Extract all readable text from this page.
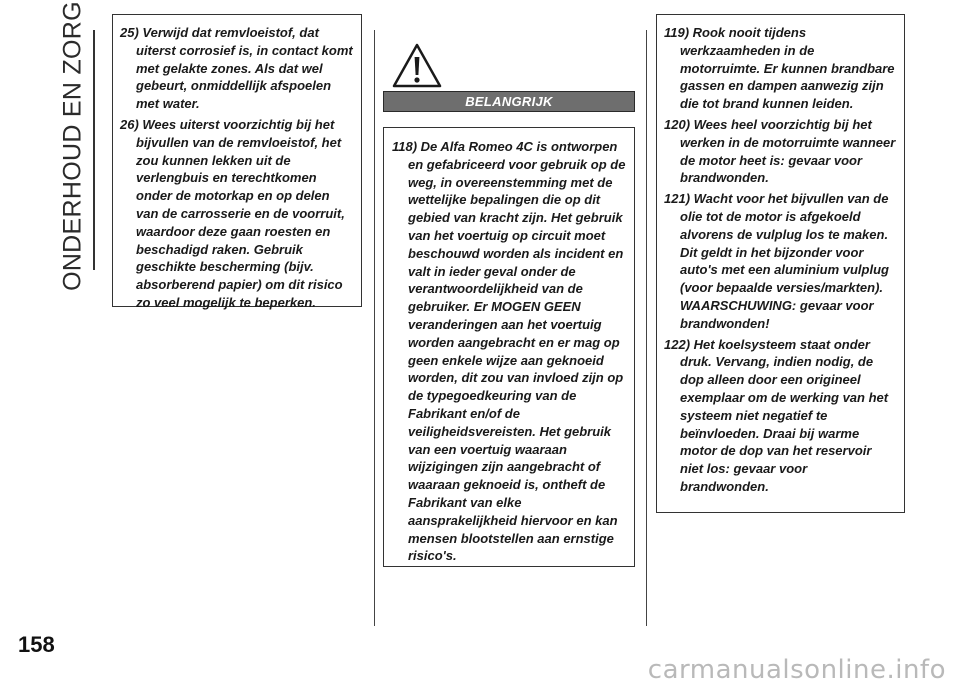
ONDERHOUD EN ZORG	25) Verwijd dat remvloeistof, dat uiterst corrosief is, in contact komt met gelakte zones. Als dat wel gebeurt, onmiddellijk afspoelen met water.

26) Wees uiterst voorzichtig bij het bijvullen van de remvloeistof, het zou kunnen lekken uit de verlengbuis en terechtkomen onder de motorkap en op delen van de carrosserie en de voorruit, waardoor deze gaan roesten en beschadigd raken. Gebruik geschikte bescherming (bijv. absorberend papier) om dit risico zo veel mogelijk te beperken.

BELANGRIJK

118) De Alfa Romeo 4C is ontworpen en gefabriceerd voor gebruik op de weg, in overeenstemming met de wettelijke bepalingen die op dit gebied van kracht zijn. Het gebruik van het voertuig op circuit moet beschouwd worden als incident en valt in ieder geval onder de verantwoordelijkheid van de gebruiker. Er MOGEN GEEN veranderingen aan het voertuig worden aangebracht en er mag op geen enkele wijze aan geknoeid worden, dit zou van invloed zijn op de typegoedkeuring van de Fabrikant en/of de veiligheidsvereisten. Het gebruik van een voertuig waaraan wijzigingen zijn aangebracht of waaraan geknoeid is, ontheft de Fabrikant van elke aansprakelijkheid hiervoor en kan mensen blootstellen aan ernstige risico's.

119) Rook nooit tijdens werkzaamheden in de motorruimte. Er kunnen brandbare gassen en dampen aanwezig zijn die tot brand kunnen leiden.

120) Wees heel voorzichtig bij het werken in de motorruimte wanneer de motor heet is: gevaar voor brandwonden.

121) Wacht voor het bijvullen van de olie tot de motor is afgekoeld alvorens de vulplug los te maken. Dit geldt in het bijzonder voor auto's met een aluminium vulplug (voor bepaalde versies/markten). WAARSCHUWING: gevaar voor brandwonden!

122) Het koelsysteem staat onder druk. Vervang, indien nodig, de dop alleen door een origineel exemplaar om de werking van het systeem niet negatief te beïnvloeden. Draai bij warme motor de dop van het reservoir niet los: gevaar voor brandwonden.

158
carmanualsonline.info
